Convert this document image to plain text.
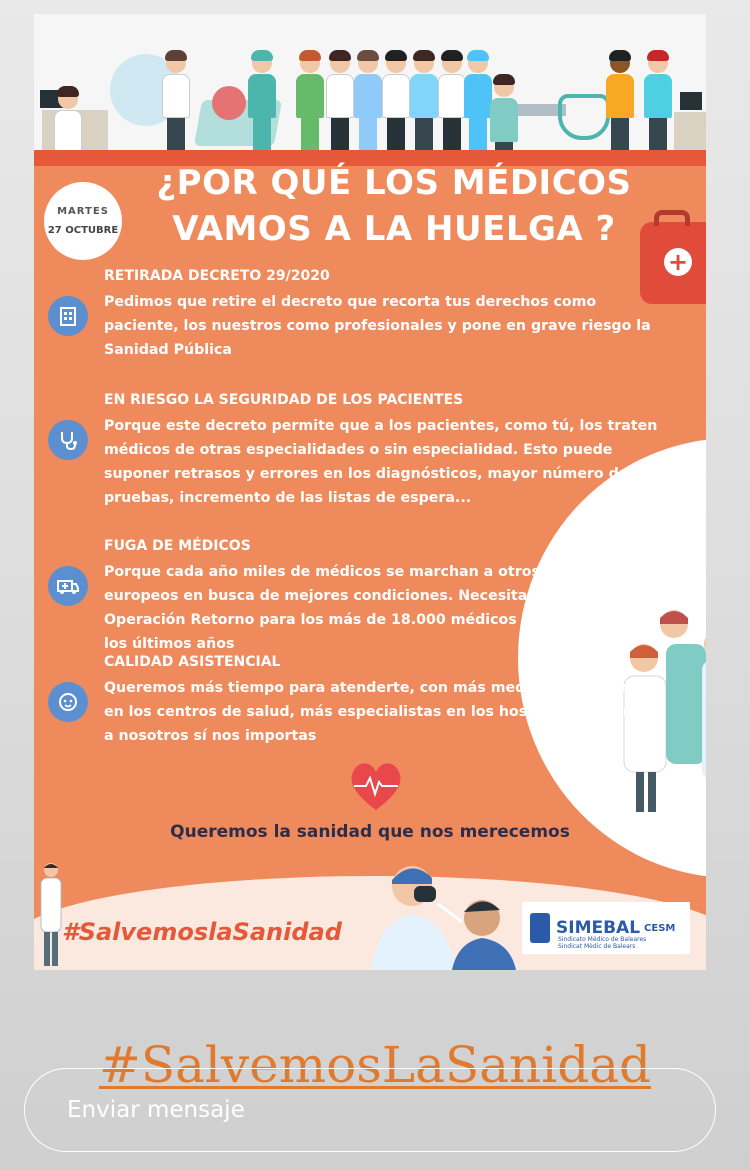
MARTES
27 OCTUBRE
¿POR QUÉ LOS MÉDICOS
VAMOS A LA HUELGA ?
+
RETIRADA DECRETO 29/2020
Pedimos que retire el decreto que recorta tus derechos como paciente, los nuestros como profesionales y pone en grave riesgo la Sanidad Pública
EN RIESGO LA SEGURIDAD DE LOS PACIENTES
Porque este decreto permite que a los pacientes, como tú, los traten médicos de otras especialidades o sin especialidad. Esto puede suponer retrasos y errores en los diagnósticos, mayor número de pruebas, incremento de las listas de espera...
FUGA DE MÉDICOS
Porque cada año miles de médicos se marchan a otros países europeos en busca de mejores condiciones. Necesitamos una Operación Retorno para los más de 18.000 médicos autoexiliados en los últimos años
CALIDAD ASISTENCIAL
Queremos más tiempo para atenderte, con más medios, más médicos en los centros de salud, más especialistas en los hospitales... Porque a nosotros sí nos importas
Queremos la sanidad que nos merecemos
#SalvemoslaSanidad	SIMEBAL CESM
Sindicato Médico de Baleares
Sindicat Mèdic de Balears
#SalvemosLaSanidad
Enviar mensaje
